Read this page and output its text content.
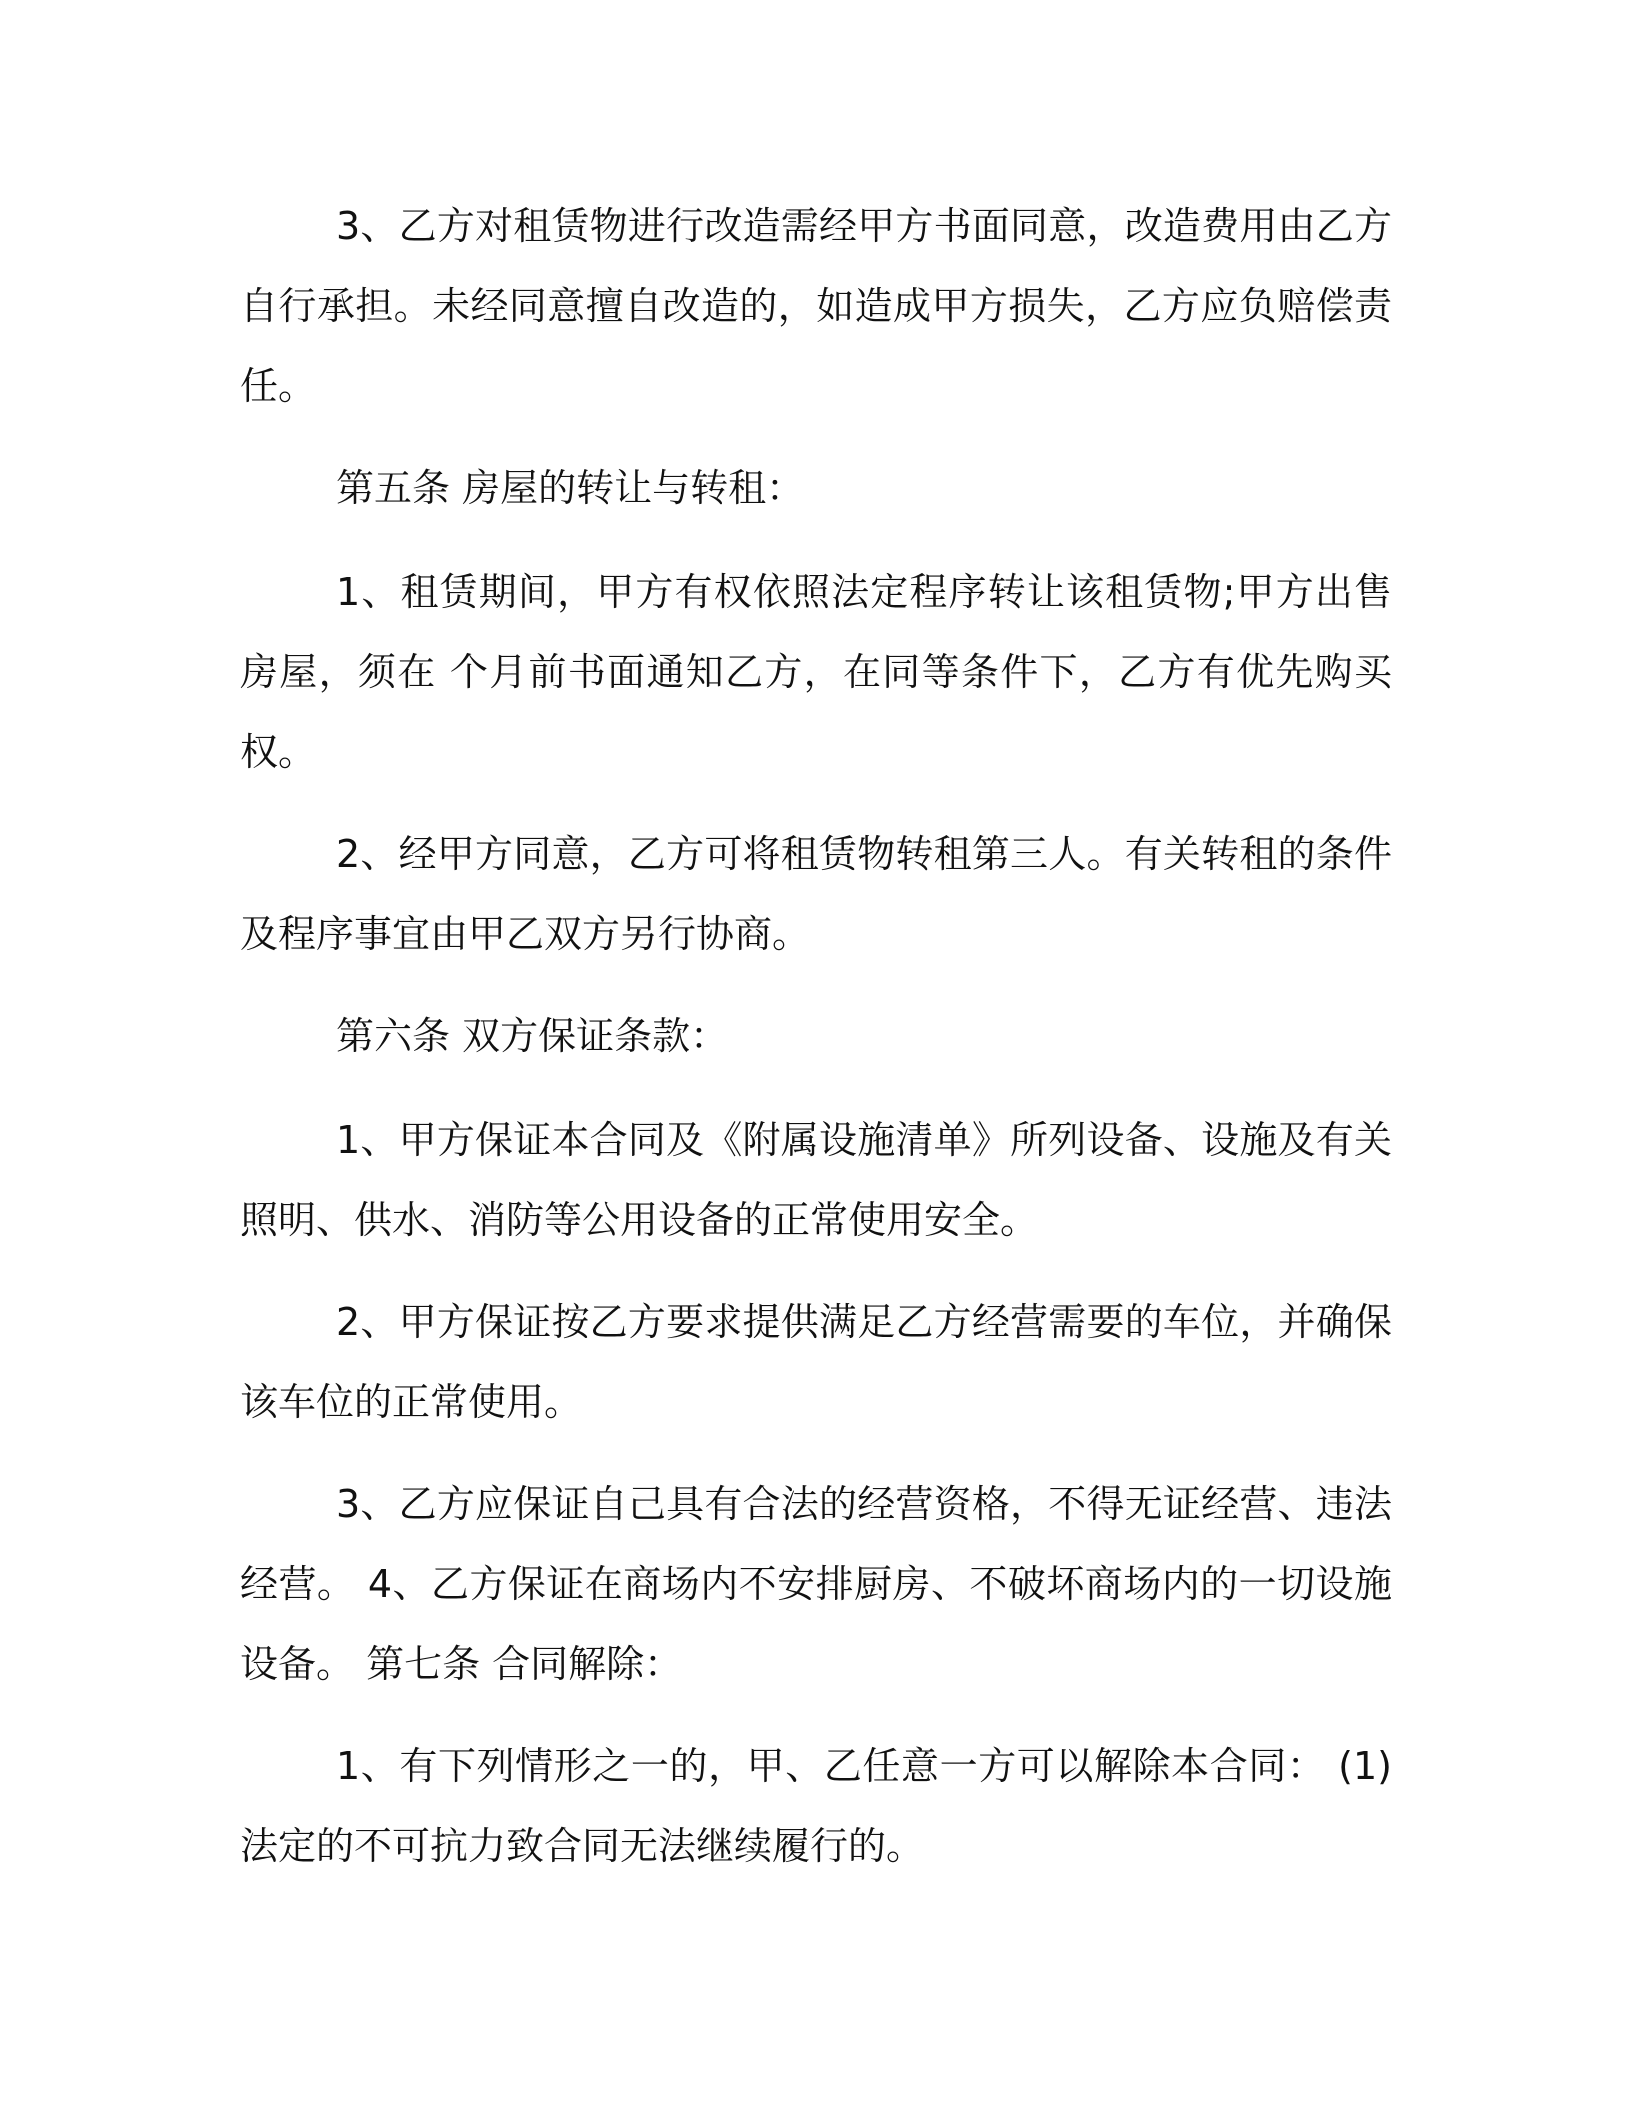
3、乙方对租赁物进行改造需经甲方书面同意，改造费用由乙方自行承担。未经同意擅自改造的，如造成甲方损失，乙方应负赔偿责任。

第五条 房屋的转让与转租：

1、租赁期间，甲方有权依照法定程序转让该租赁物;甲方出售房屋，须在 个月前书面通知乙方，在同等条件下，乙方有优先购买权。

2、经甲方同意，乙方可将租赁物转租第三人。有关转租的条件及程序事宜由甲乙双方另行协商。

第六条 双方保证条款：

1、甲方保证本合同及《附属设施清单》所列设备、设施及有关照明、供水、消防等公用设备的正常使用安全。

2、甲方保证按乙方要求提供满足乙方经营需要的车位，并确保该车位的正常使用。

3、乙方应保证自己具有合法的经营资格，不得无证经营、违法经营。 4、乙方保证在商场内不安排厨房、不破坏商场内的一切设施设备。 第七条 合同解除：

1、有下列情形之一的，甲、乙任意一方可以解除本合同： (1)法定的不可抗力致合同无法继续履行的。
